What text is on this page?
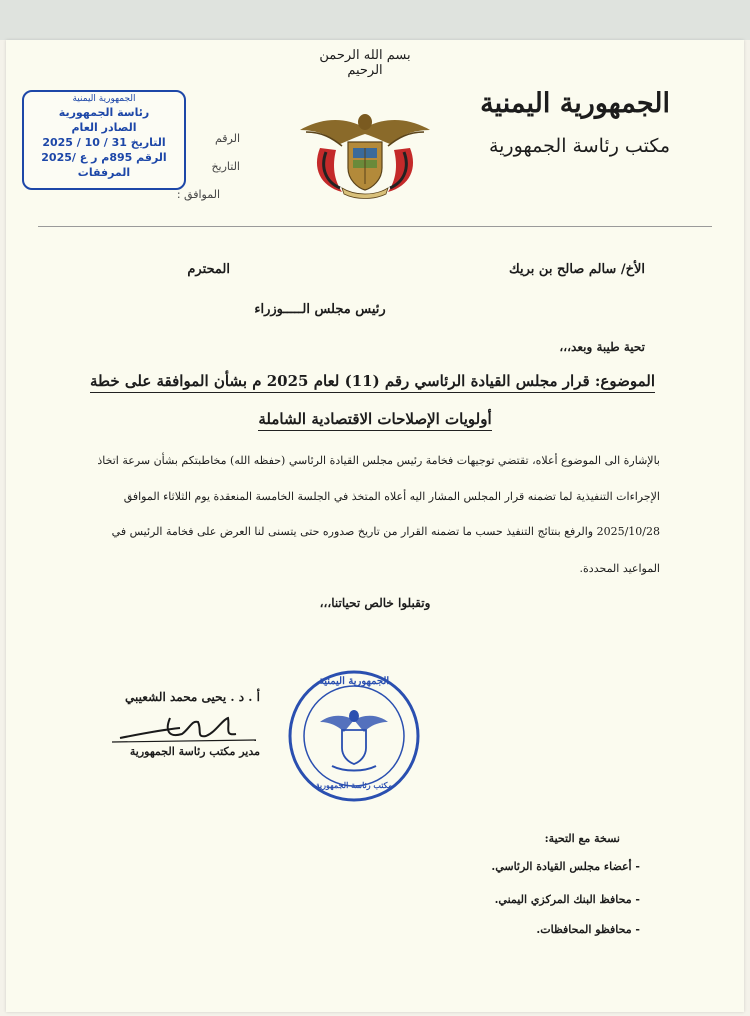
بسم الله الرحمن الرحيم
الجمهورية اليمنية
مكتب رئاسة الجمهورية
الرقم
التاريخ
الموافق :
الجمهورية اليمنية
رئاسة الجمهورية
الصادر العام
التاريخ 31 / 10 / 2025
الرقم 895م ر ع /2025
المرفقات
الأخ/ سالم صالح بن بريك
المحترم
رئيس مجلس الـــــوزراء
تحية طيبة وبعد،،،
الموضوع: قرار مجلس القيادة الرئاسي رقم (11) لعام 2025 م بشأن الموافقة على خطة
أولويات الإصلاحات الاقتصادية الشاملة
بالإشارة الى الموضوع أعلاه، تقتضي توجيهات فخامة رئيس مجلس القيادة الرئاسي (حفظه الله) مخاطبتكم بشأن سرعة اتخاذ
الإجراءات التنفيذية لما تضمنه قرار المجلس المشار اليه أعلاه المتخذ في الجلسة الخامسة المنعقدة يوم الثلاثاء الموافق
2025/10/28 والرفع بنتائج التنفيذ حسب ما تضمنه القرار من تاريخ صدوره حتى يتسنى لنا العرض على فخامة الرئيس في
المواعيد المحددة.
وتقبلوا خالص تحياتنا،،،
أ . د . يحيى محمد الشعيبي
مدير مكتب رئاسة الجمهورية
الجمهورية اليمنية
مكتب رئاسة الجمهورية
نسخة مع التحية:
- أعضاء مجلس القيادة الرئاسي.
- محافظ البنك المركزي اليمني.
- محافظو المحافظات.
